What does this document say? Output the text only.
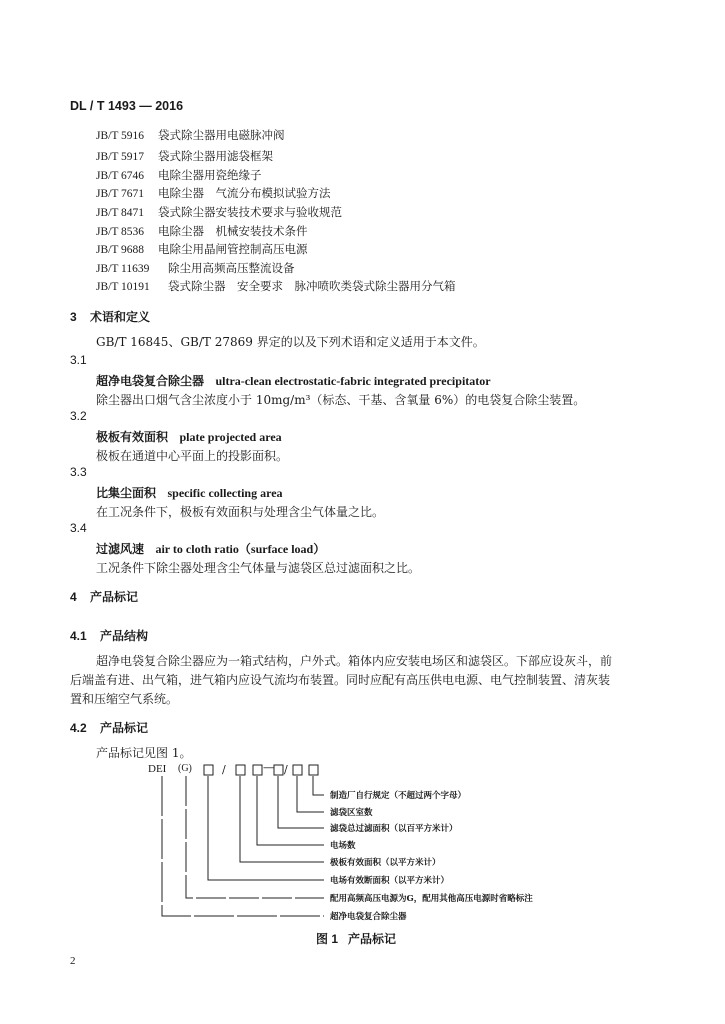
DL / T 1493 — 2016
JB/T 5916 袋式除尘器用电磁脉冲阀
JB/T 5917 袋式除尘器用滤袋框架
JB/T 6746 电除尘器用瓷绝缘子
JB/T 7671 电除尘器　气流分布模拟试验方法
JB/T 8471 袋式除尘器安装技术要求与验收规范
JB/T 8536 电除尘器　机械安装技术条件
JB/T 9688 电除尘用晶闸管控制高压电源
JB/T 11639 除尘用高频高压整流设备
JB/T 10191 袋式除尘器　安全要求　脉冲喷吹类袋式除尘器用分气箱
3 术语和定义
GB/T 16845、GB/T 27869 界定的以及下列术语和定义适用于本文件。
3.1
超净电袋复合除尘器 ultra-clean electrostatic-fabric integrated precipitator
除尘器出口烟气含尘浓度小于 10mg/m³（标态、干基、含氧量 6%）的电袋复合除尘装置。
3.2
极板有效面积 plate projected area
极板在通道中心平面上的投影面积。
3.3
比集尘面积 specific collecting area
在工况条件下，极板有效面积与处理含尘气体量之比。
3.4
过滤风速 air to cloth ratio（surface load）
工况条件下除尘器处理含尘气体量与滤袋区总过滤面积之比。
4 产品标记
4.1 产品结构
超净电袋复合除尘器应为一箱式结构，户外式。箱体内应安装电场区和滤袋区。下部应设灰斗，前
后端盖有进、出气箱，进气箱内应设气流均布装置。同时应配有高压供电电源、电气控制装置、清灰装
置和压缩空气系统。
4.2 产品标记
产品标记见图 1。
DEI (G)	/	— /
制造厂自行规定（不超过两个字母）
滤袋区室数
滤袋总过滤面积（以百平方米计）
电场数
极板有效面积（以平方米计）
电场有效断面积（以平方米计）
配用高频高压电源为G，配用其他高压电源时省略标注
超净电袋复合除尘器
图 1 产品标记
2
